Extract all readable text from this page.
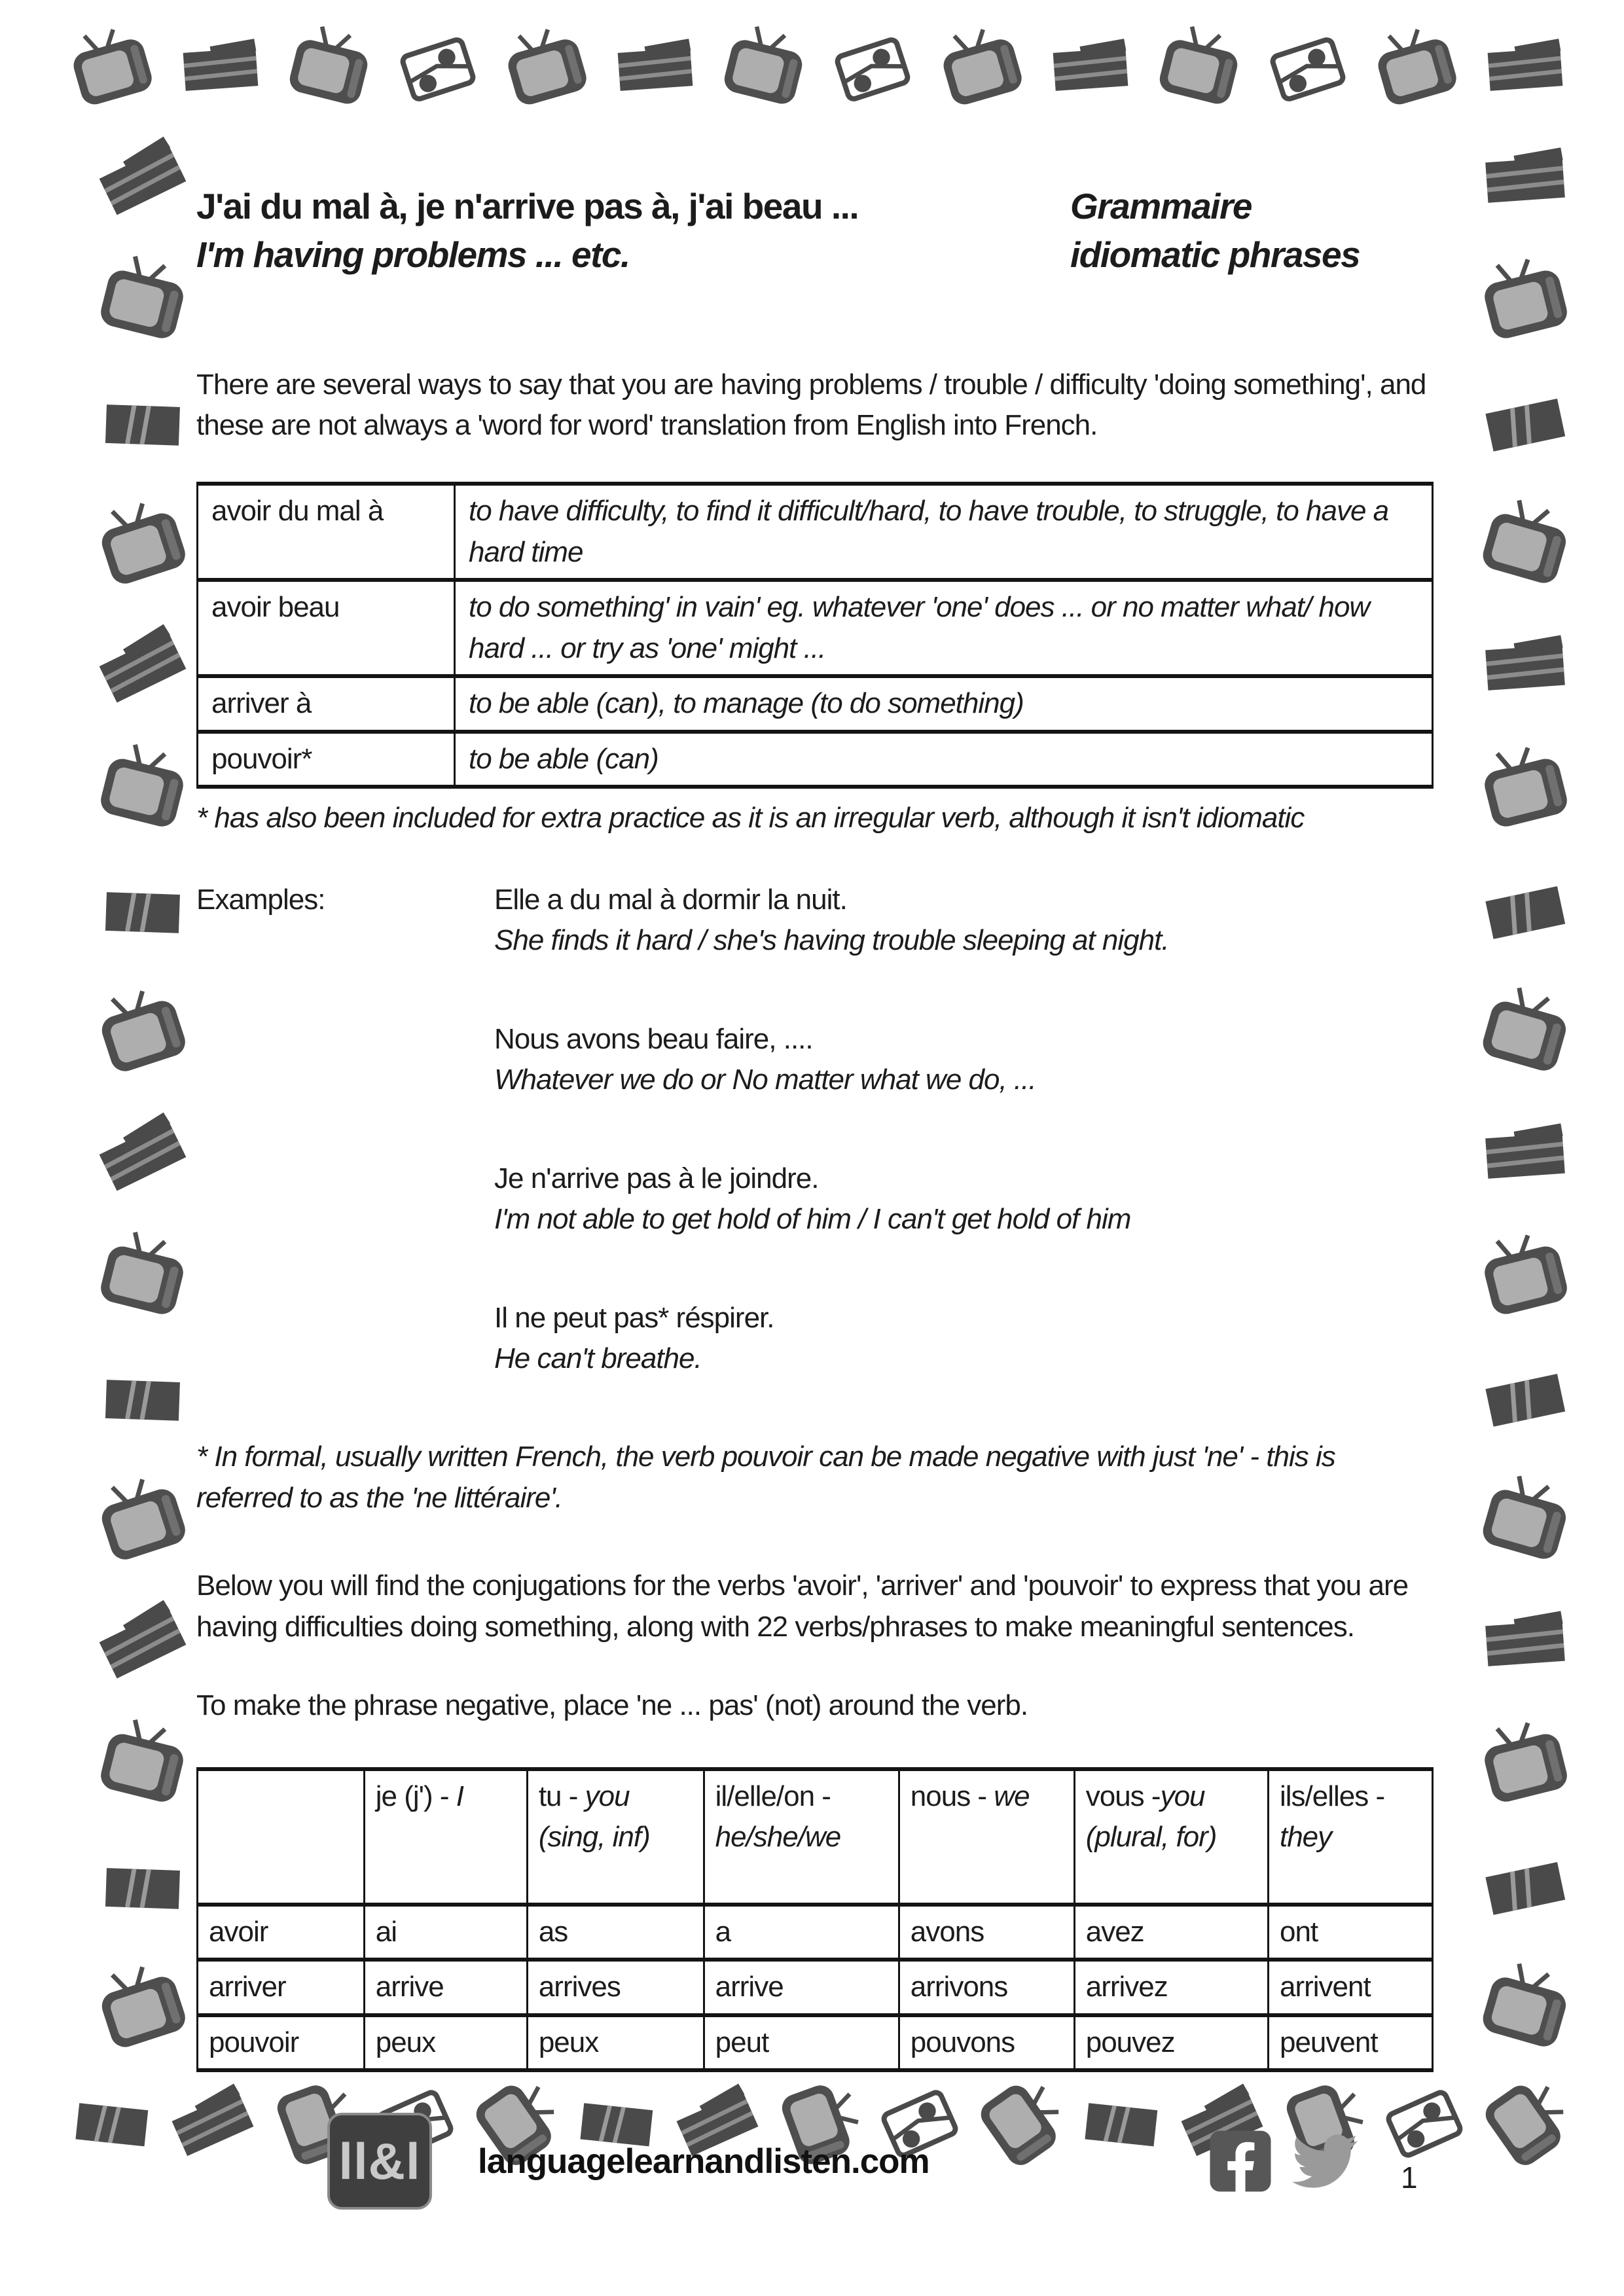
J'ai du mal à, je n'arrive pas à, j'ai beau ...
I'm having problems ... etc.
Grammaire
idiomatic phrases

There are several ways to say that you are having problems / trouble / difficulty 'doing something', and these are not always a 'word for word' translation from English into French.

avoir du mal à	to have difficulty, to find it difficult/hard, to have trouble, to struggle, to have a hard time
avoir beau	to do something' in vain' eg. whatever 'one' does ... or no matter what/ how hard ... or try as 'one' might ...
arriver à	to be able (can), to manage (to do something)
pouvoir*	to be able (can)

* has also been included for extra practice as it is an irregular verb, although it isn't idiomatic

Examples:	Elle a du mal à dormir la nuit.
She finds it hard / she's having trouble sleeping at night.
Nous avons beau faire, ....
Whatever we do or No matter what we do, ...
Je n'arrive pas à le joindre.
I'm not able to get hold of him / I can't get hold of him
Il ne peut pas* réspirer.
He can't breathe.

* In formal, usually written French, the verb pouvoir can be made negative with just 'ne' - this is referred to as the 'ne littéraire'.

Below you will find the conjugations for the verbs 'avoir', 'arriver' and 'pouvoir' to express that you are having difficulties doing something, along with 22 verbs/phrases to make meaningful sentences.

To make the phrase negative, place 'ne ... pas' (not) around the verb.

	je (j') - I	tu - you (sing, inf)	il/elle/on - he/she/we	nous - we	vous -you (plural, for)	ils/elles - they
avoir	ai	as	a	avons	avez	ont
arriver	arrive	arrives	arrive	arrivons	arrivez	arrivent
pouvoir	peux	peux	peut	pouvons	pouvez	peuvent
ll&l	languagelearnandlisten.com	1
